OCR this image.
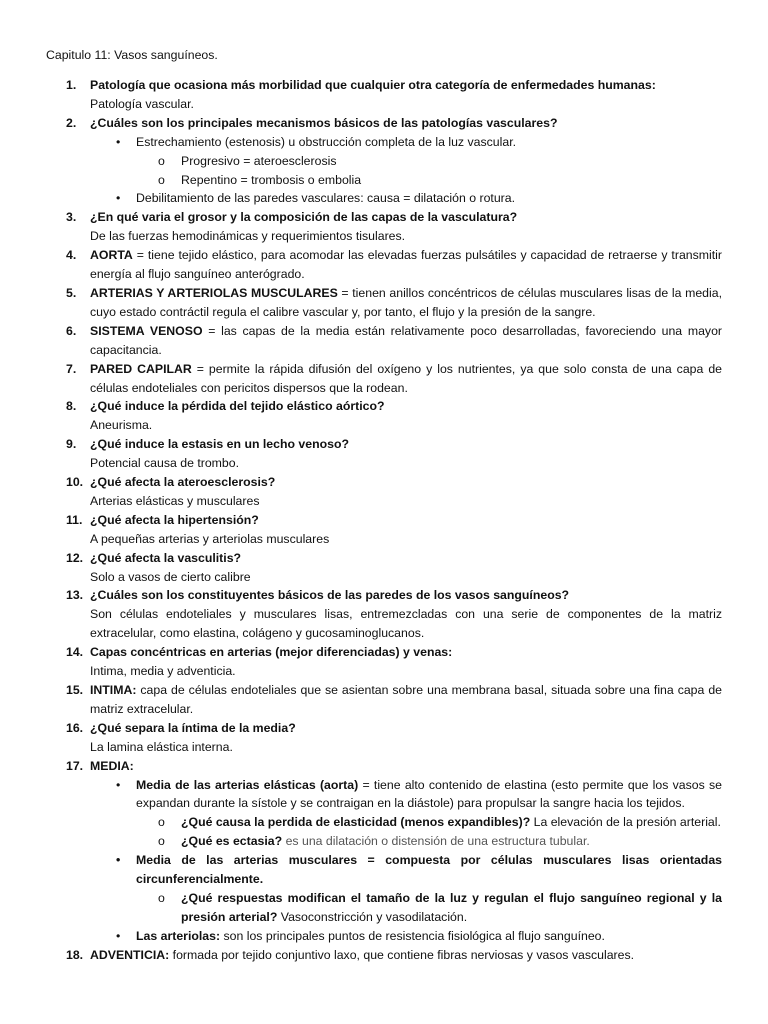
Capitulo 11: Vasos sanguíneos.
1. Patología que ocasiona más morbilidad que cualquier otra categoría de enfermedades humanas:
Patología vascular.
2. ¿Cuáles son los principales mecanismos básicos de las patologías vasculares?
• Estrechamiento (estenosis) u obstrucción completa de la luz vascular.
o Progresivo = ateroesclerosis
o Repentino = trombosis o embolia
• Debilitamiento de las paredes vasculares: causa = dilatación o rotura.
3. ¿En qué varia el grosor y la composición de las capas de la vasculatura?
De las fuerzas hemodinámicas y requerimientos tisulares.
4. AORTA = tiene tejido elástico, para acomodar las elevadas fuerzas pulsátiles y capacidad de retraerse y transmitir energía al flujo sanguíneo anterógrado.
5. ARTERIAS Y ARTERIOLAS MUSCULARES = tienen anillos concéntricos de células musculares lisas de la media, cuyo estado contráctil regula el calibre vascular y, por tanto, el flujo y la presión de la sangre.
6. SISTEMA VENOSO = las capas de la media están relativamente poco desarrolladas, favoreciendo una mayor capacitancia.
7. PARED CAPILAR = permite la rápida difusión del oxígeno y los nutrientes, ya que solo consta de una capa de células endoteliales con pericitos dispersos que la rodean.
8. ¿Qué induce la pérdida del tejido elástico aórtico?
Aneurisma.
9. ¿Qué induce la estasis en un lecho venoso?
Potencial causa de trombo.
10. ¿Qué afecta la ateroesclerosis?
Arterias elásticas y musculares
11. ¿Qué afecta la hipertensión?
A pequeñas arterias y arteriolas musculares
12. ¿Qué afecta la vasculitis?
Solo a vasos de cierto calibre
13. ¿Cuáles son los constituyentes básicos de las paredes de los vasos sanguíneos?
Son células endoteliales y musculares lisas, entremezcladas con una serie de componentes de la matriz extracelular, como elastina, colágeno y gucosaminoglucanos.
14. Capas concéntricas en arterias (mejor diferenciadas) y venas:
Intima, media y adventicia.
15. INTIMA: capa de células endoteliales que se asientan sobre una membrana basal, situada sobre una fina capa de matriz extracelular.
16. ¿Qué separa la íntima de la media?
La lamina elástica interna.
17. MEDIA:
• Media de las arterias elásticas (aorta) = tiene alto contenido de elastina (esto permite que los vasos se expandan durante la sístole y se contraigan en la diástole) para propulsar la sangre hacia los tejidos.
o ¿Qué causa la perdida de elasticidad (menos expandibles)? La elevación de la presión arterial.
o ¿Qué es ectasia? es una dilatación o distensión de una estructura tubular.
• Media de las arterias musculares = compuesta por células musculares lisas orientadas circunferencialmente.
o ¿Qué respuestas modifican el tamaño de la luz y regulan el flujo sanguíneo regional y la presión arterial? Vasoconstricción y vasodilatación.
• Las arteriolas: son los principales puntos de resistencia fisiológica al flujo sanguíneo.
18. ADVENTICIA: formada por tejido conjuntivo laxo, que contiene fibras nerviosas y vasos vasculares.
